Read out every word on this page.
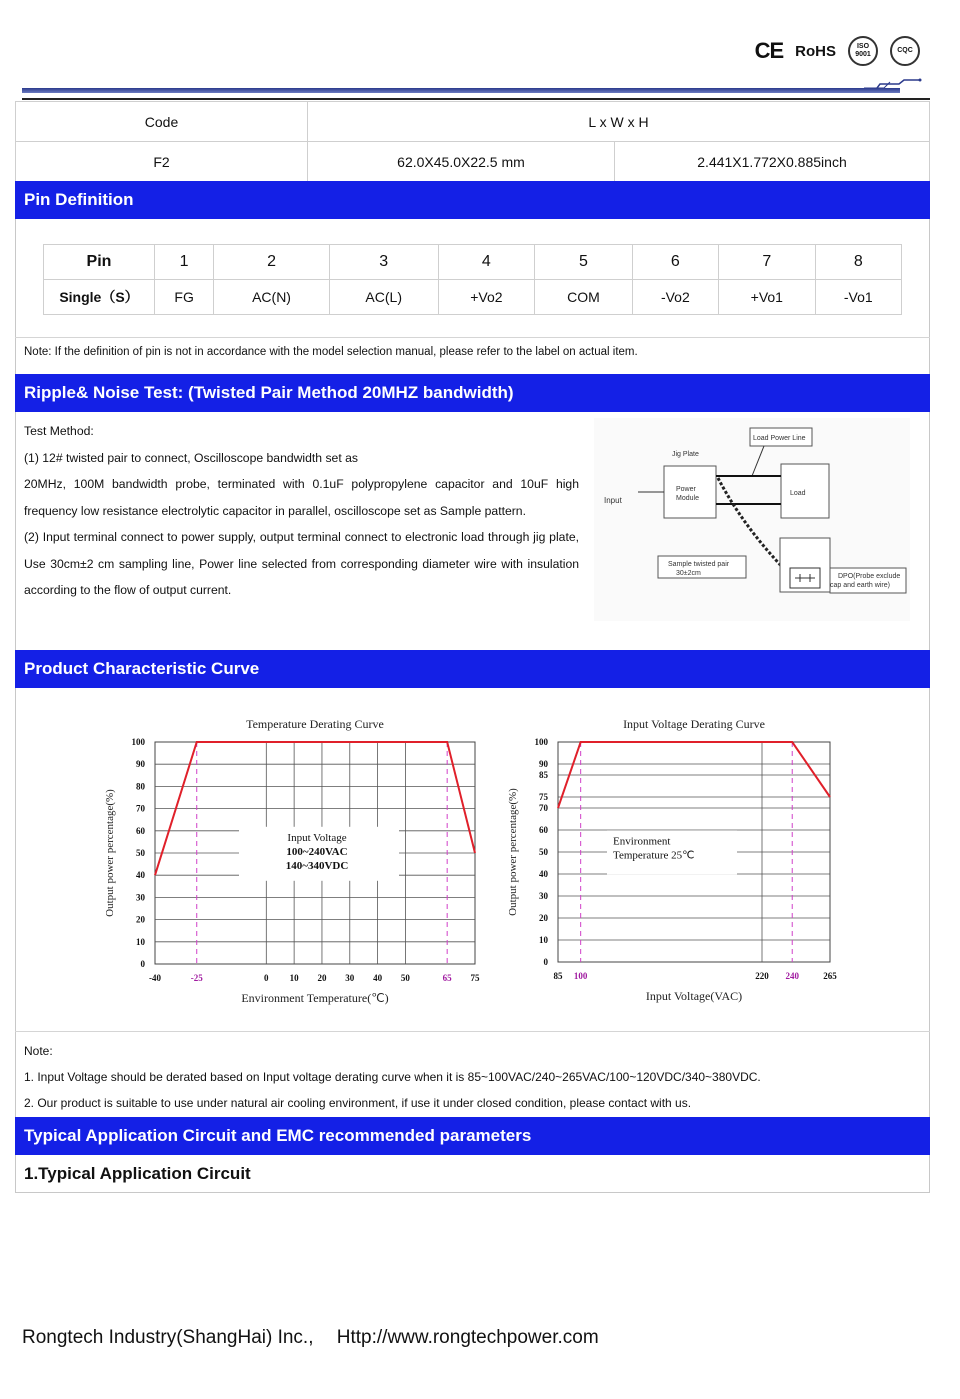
CE RoHS	ISO 9001
CQC
Code	L x W x H	
F2	62.0X45.0X22.5 mm	2.441X1.772X0.885inch
Pin Definition
Pin	1	2	3	4	5	6	7	8
Single（S）	FG	AC(N)	AC(L)	+Vo2	COM	-Vo2	+Vo1	-Vo1
Note: If the definition of pin is not in accordance with the model selection manual, please refer to the label on actual item.
Ripple& Noise Test: (Twisted Pair Method 20MHZ bandwidth)

Test Method:

(1) 12# twisted pair to connect, Oscilloscope bandwidth set as

20MHz, 100M bandwidth probe, terminated with 0.1uF polypropylene capacitor and 10uF high frequency low resistance electrolytic capacitor in parallel, oscilloscope set as Sample pattern.

(2) Input terminal connect to power supply, output terminal connect to electronic load through jig plate, Use 30cm±2 cm sampling line, Power line selected from corresponding diameter wire with insulation according to the flow of output current.

Load Power Line
Jig Plate
Power
Module
Input
Load
Sample twisted pair
30±2cm	DPO(Probe exclude
cap and earth wire)
Product Characteristic Curve
Temperature Derating Curve
0
10
20
30
40
50
60
70
80
90
100
-40	-25	0 10 20 30 40 50	65 75
Input Voltage
100~240VAC
140~340VDC
Environment Temperature(℃)
Output power percentage(%)
Input Voltage Derating Curve
0
10
20
30
40
50
60
70
75
85
90
100
85 100	220 240	265
Environment
Temperature 25℃
Input Voltage(VAC)
Output power percentage(%)
Note:
1. Input Voltage should be derated based on Input voltage derating curve when it is 85~100VAC/240~265VAC/100~120VDC/340~380VDC.
2. Our product is suitable to use under natural air cooling environment, if use it under closed condition, please contact with us.
Typical Application Circuit and EMC recommended parameters
1.Typical Application Circuit
Rongtech Industry(ShangHai) Inc., Http://www.rongtechpower.com
